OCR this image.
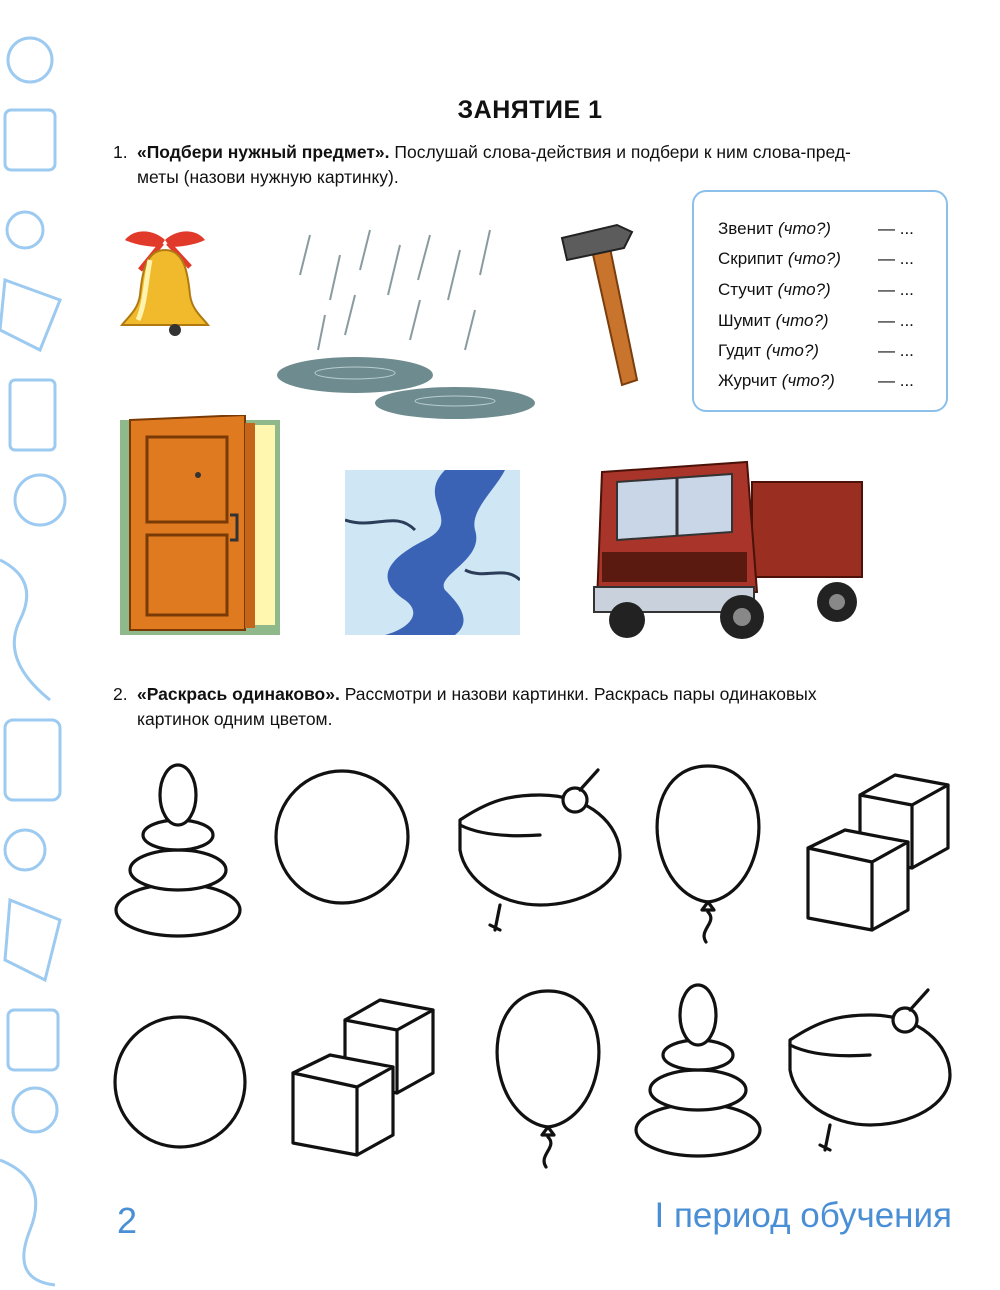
ЗАНЯТИЕ 1
1. «Подбери нужный предмет». Послушай слова-действия и подбери к ним слова-пред-
меты (назови нужную картинку).
Звенит (что?)	— ...
Скрипит (что?) — ...
Стучит (что?)	— ...
Шумит (что?)	— ...
Гудит (что?)	— ...
Журчит (что?)	— ...
2. «Раскрась одинаково». Рассмотри и назови картинки. Раскрась пары одинаковых
картинок одним цветом.
2	I период обучения
